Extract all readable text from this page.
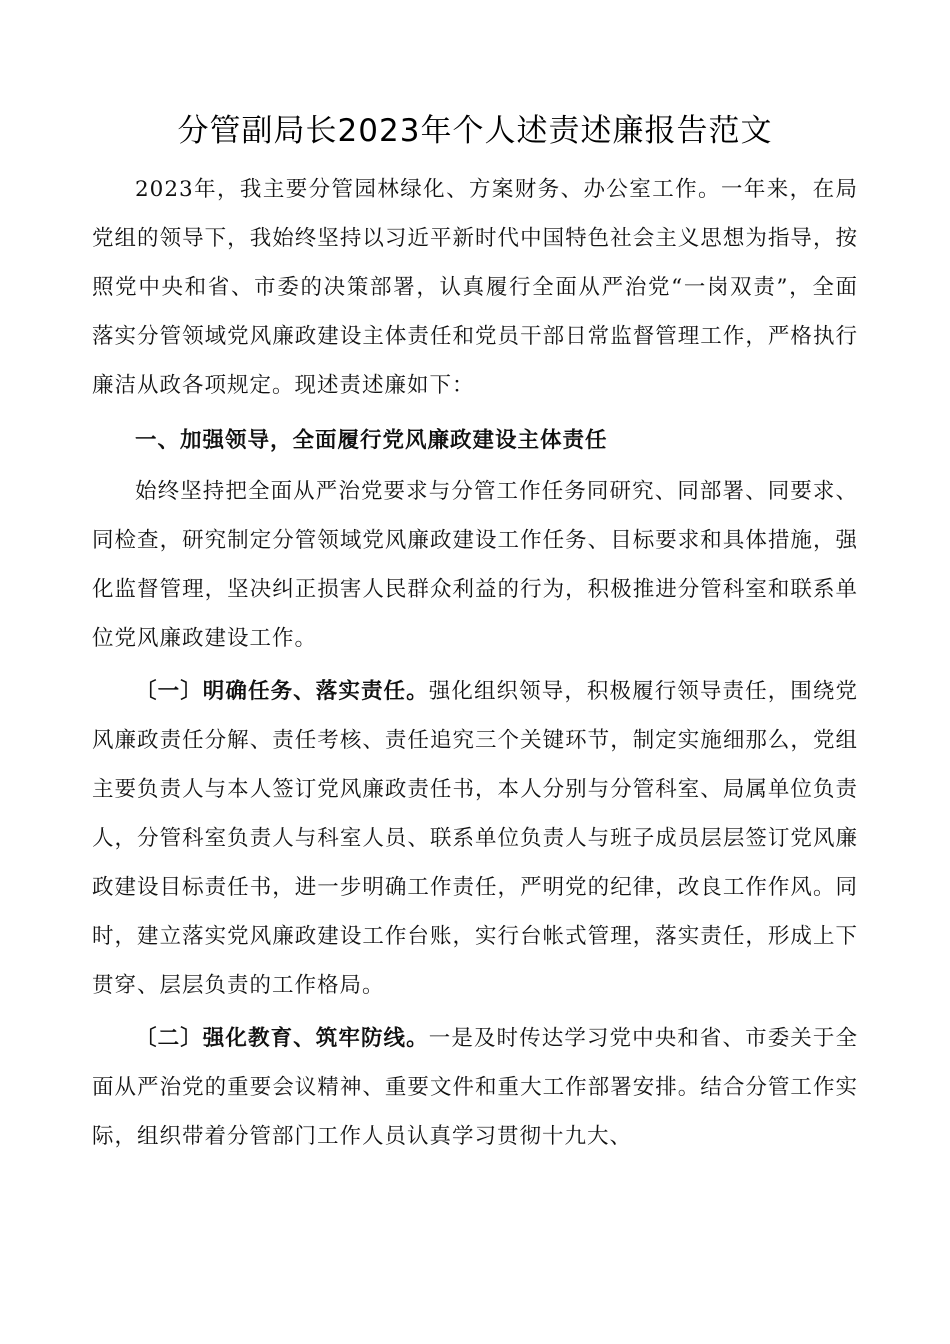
分管副局长2023年个人述责述廉报告范文

2023年，我主要分管园林绿化、方案财务、办公室工作。一年来，在局党组的领导下，我始终坚持以习近平新时代中国特色社会主义思想为指导，按照党中央和省、市委的决策部署，认真履行全面从严治党“一岗双责”，全面落实分管领域党风廉政建设主体责任和党员干部日常监督管理工作，严格执行廉洁从政各项规定。现述责述廉如下：

一、加强领导，全面履行党风廉政建设主体责任

始终坚持把全面从严治党要求与分管工作任务同研究、同部署、同要求、同检查，研究制定分管领域党风廉政建设工作任务、目标要求和具体措施，强化监督管理，坚决纠正损害人民群众利益的行为，积极推进分管科室和联系单位党风廉政建设工作。

〔一〕明确任务、落实责任。强化组织领导，积极履行领导责任，围绕党风廉政责任分解、责任考核、责任追究三个关键环节，制定实施细那么，党组主要负责人与本人签订党风廉政责任书，本人分别与分管科室、局属单位负责人，分管科室负责人与科室人员、联系单位负责人与班子成员层层签订党风廉政建设目标责任书，进一步明确工作责任，严明党的纪律，改良工作作风。同时，建立落实党风廉政建设工作台账，实行台帐式管理，落实责任，形成上下贯穿、层层负责的工作格局。

〔二〕强化教育、筑牢防线。一是及时传达学习党中央和省、市委关于全面从严治党的重要会议精神、重要文件和重大工作部署安排。结合分管工作实际，组织带着分管部门工作人员认真学习贯彻十九大、
